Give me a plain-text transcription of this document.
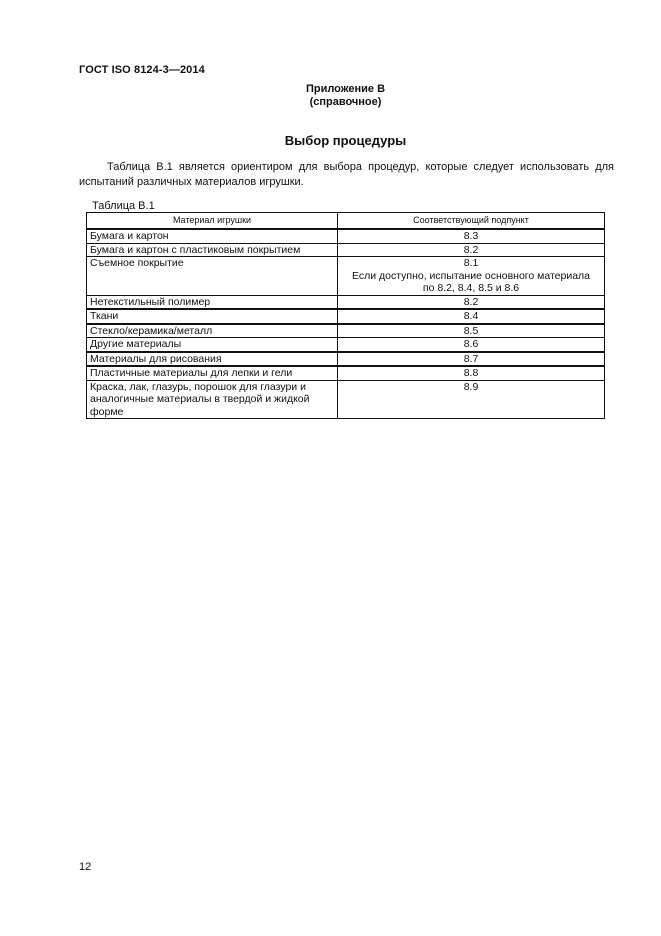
ГОСТ ISO 8124-3—2014
Приложение В
(справочное)
Выбор процедуры
Таблица В.1 является ориентиром для выбора процедур, которые следует использовать для испытаний различных материалов игрушки.
Таблица В.1
Материал игрушки	Соответствующий подпункт
Бумага и картон	8.3
Бумага и картон с пластиковым покрытием	8.2
Съемное покрытие	8.1
Если доступно, испытание основного материала
по 8.2, 8.4, 8.5 и 8.6

Нетекстильный полимер	8.2
Ткани	8.4
Стекло/керамика/металл	8.5
Другие материалы	8.6
Материалы для рисования	8.7
Пластичные материалы для лепки и гели	8.8
Краска, лак, глазурь, порошок для глазури и аналогичные материалы в твердой и жидкой форме	8.9
12
